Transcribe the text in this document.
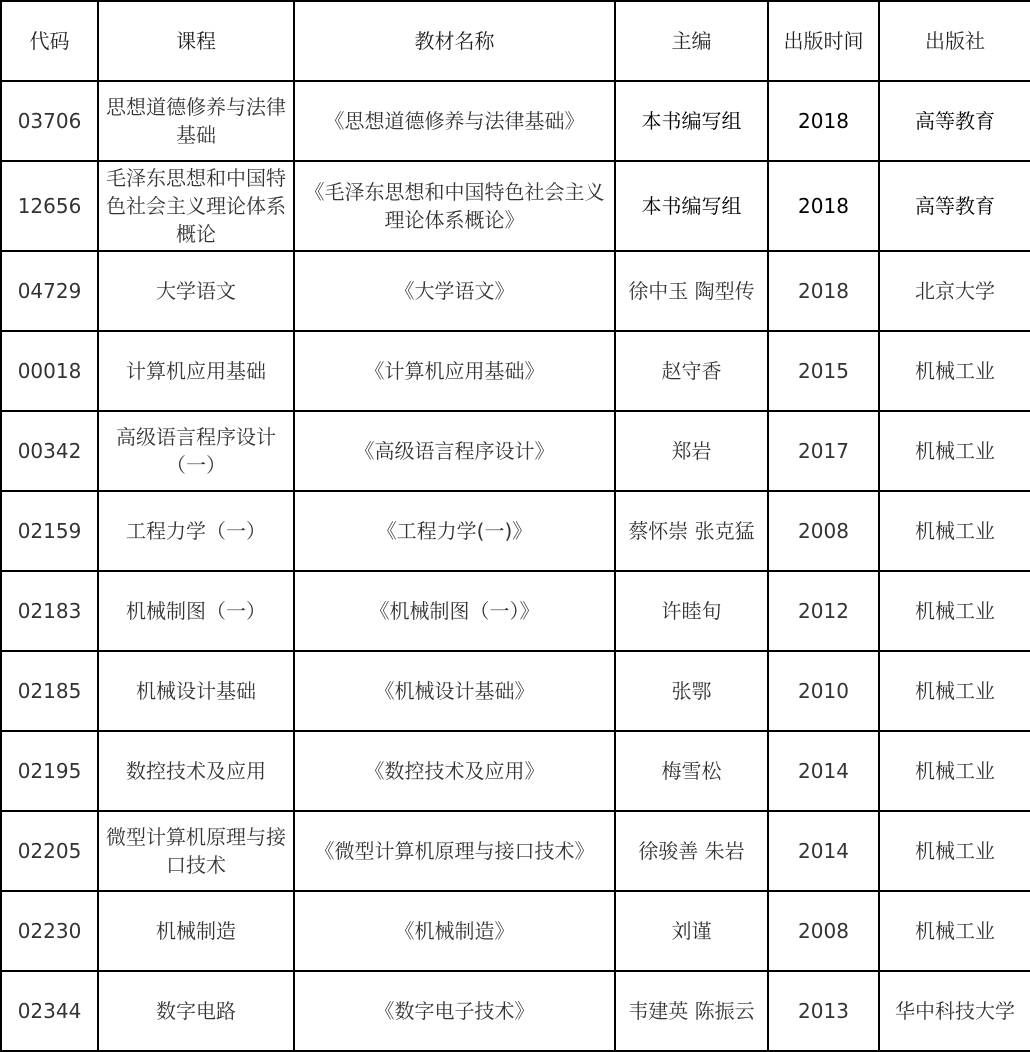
代码	课程	教材名称	主编	出版时间	出版社
03706	思想道德修养与法律基础	《思想道德修养与法律基础》	本书编写组	2018	高等教育
12656	毛泽东思想和中国特色社会主义理论体系概论	《毛泽东思想和中国特色社会主义理论体系概论》	本书编写组	2018	高等教育
04729	大学语文	《大学语文》	徐中玉 陶型传	2018	北京大学
00018	计算机应用基础	《计算机应用基础》	赵守香	2015	机械工业
00342	高级语言程序设计（一）	《高级语言程序设计》	郑岩	2017	机械工业
02159	工程力学（一）	《工程力学(一)》	蔡怀崇 张克猛	2008	机械工业
02183	机械制图（一）	《机械制图（一）》	许睦旬	2012	机械工业
02185	机械设计基础	《机械设计基础》	张鄂	2010	机械工业
02195	数控技术及应用	《数控技术及应用》	梅雪松	2014	机械工业
02205	微型计算机原理与接口技术	《微型计算机原理与接口技术》	徐骏善 朱岩	2014	机械工业
02230	机械制造	《机械制造》	刘谨	2008	机械工业
02344	数字电路	《数字电子技术》	韦建英 陈振云	2013	华中科技大学
